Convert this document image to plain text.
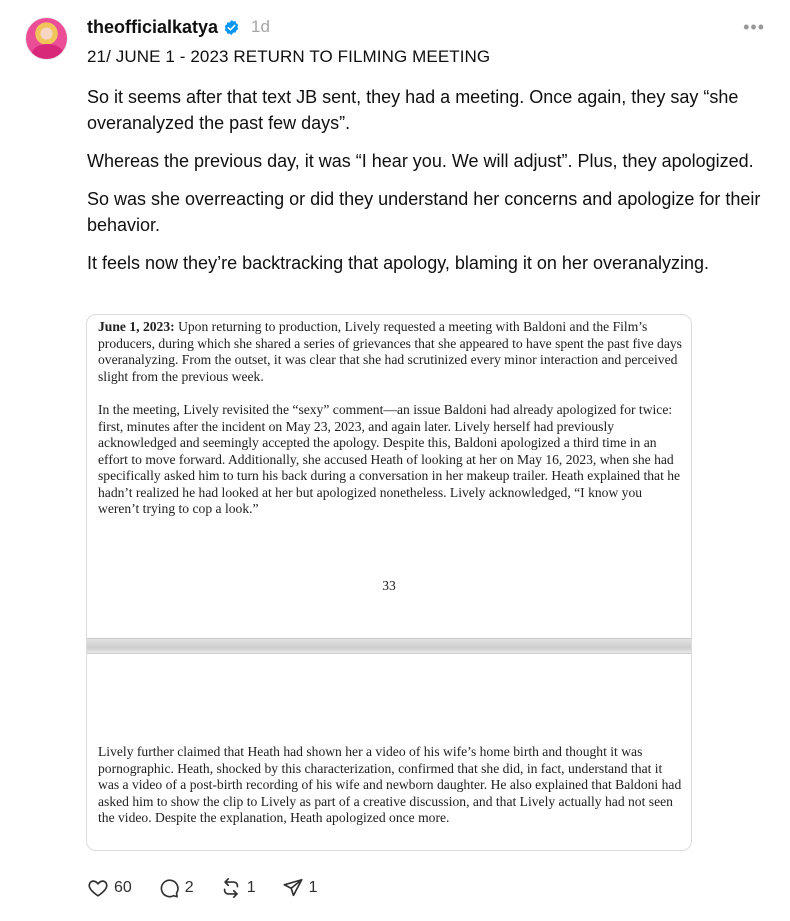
theofficialkatya 1d	•••
21/ JUNE 1 - 2023 RETURN TO FILMING MEETING

So it seems after that text JB sent, they had a meeting. Once again, they say “she overanalyzed the past few days”.

Whereas the previous day, it was “I hear you. We will adjust”. Plus, they apologized.

So was she overreacting or did they understand her concerns and apologize for their behavior.

It feels now they’re backtracking that apology, blaming it on her overanalyzing.

June 1, 2023: Upon returning to production, Lively requested a meeting with Baldoni and the Film’s producers, during which she shared a series of grievances that she appeared to have spent the past five days overanalyzing. From the outset, it was clear that she had scrutinized every minor interaction and perceived slight from the previous week.
In the meeting, Lively revisited the “sexy” comment—an issue Baldoni had already apologized for twice: first, minutes after the incident on May 23, 2023, and again later. Lively herself had previously acknowledged and seemingly accepted the apology. Despite this, Baldoni apologized a third time in an effort to move forward. Additionally, she accused Heath of looking at her on May 16, 2023, when she had specifically asked him to turn his back during a conversation in her makeup trailer. Heath explained that he hadn’t realized he had looked at her but apologized nonetheless. Lively acknowledged, “I know you weren’t trying to cop a look.”
33
Lively further claimed that Heath had shown her a video of his wife’s home birth and thought it was pornographic. Heath, shocked by this characterization, confirmed that she did, in fact, understand that it was a video of a post-birth recording of his wife and newborn daughter. He also explained that Baldoni had asked him to show the clip to Lively as part of a creative discussion, and that Lively actually had not seen the video. Despite the explanation, Heath apologized once more.
60	2	1	1
